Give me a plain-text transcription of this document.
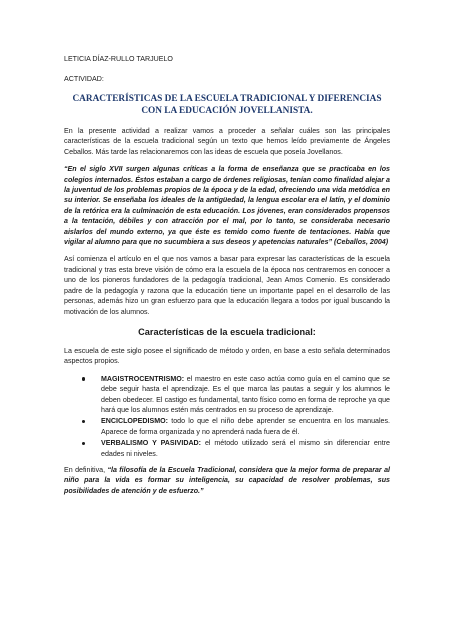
LETICIA DÍAZ-RULLO TARJUELO
ACTIVIDAD:
CARACTERÍSTICAS DE LA ESCUELA TRADICIONAL Y DIFERENCIAS CON LA EDUCACIÓN JOVELLANISTA.

En la presente actividad a realizar vamos a proceder a señalar cuáles son las principales características de la escuela tradicional según un texto que hemos leído previamente de Ángeles Ceballos. Más tarde las relacionaremos con las ideas de escuela que poseía Jovellanos.

“En el siglo XVII surgen algunas críticas a la forma de enseñanza que se practicaba en los colegios internados. Éstos estaban a cargo de órdenes religiosas, tenían como finalidad alejar a la juventud de los problemas propios de la época y de la edad, ofreciendo una vida metódica en su interior. Se enseñaba los ideales de la antigüedad, la lengua escolar era el latín, y el dominio de la retórica era la culminación de esta educación. Los jóvenes, eran considerados propensos a la tentación, débiles y con atracción por el mal, por lo tanto, se consideraba necesario aislarlos del mundo externo, ya que éste es temido como fuente de tentaciones. Había que vigilar al alumno para que no sucumbiera a sus deseos y apetencias naturales” (Ceballos, 2004)

Así comienza el artículo en el que nos vamos a basar para expresar las características de la escuela tradicional y tras esta breve visión de cómo era la escuela de la época nos centraremos en conocer a uno de los pioneros fundadores de la pedagogía tradicional, Jean Amos Comenio. Es considerado padre de la pedagogía y razona que la educación tiene un importante papel en el desarrollo de las personas, además hizo un gran esfuerzo para que la educación llegara a todos por igual buscando la motivación de los alumnos.

Características de la escuela tradicional:

La escuela de este siglo posee el significado de método y orden, en base a esto señala determinados aspectos propios.

MAGISTROCENTRISMO: el maestro en este caso actúa como guía en el camino que se debe seguir hasta el aprendizaje. Es el que marca las pautas a seguir y los alumnos le deben obedecer. El castigo es fundamental, tanto físico como en forma de reproche ya que hará que los alumnos estén más centrados en su proceso de aprendizaje.
ENCICLOPEDISMO: todo lo que el niño debe aprender se encuentra en los manuales. Aparece de forma organizada y no aprenderá nada fuera de él.
VERBALISMO Y PASIVIDAD: el método utilizado será el mismo sin diferenciar entre edades ni niveles.

En definitiva, “la filosofía de la Escuela Tradicional, considera que la mejor forma de preparar al niño para la vida es formar su inteligencia, su capacidad de resolver problemas, sus posibilidades de atención y de esfuerzo.”
